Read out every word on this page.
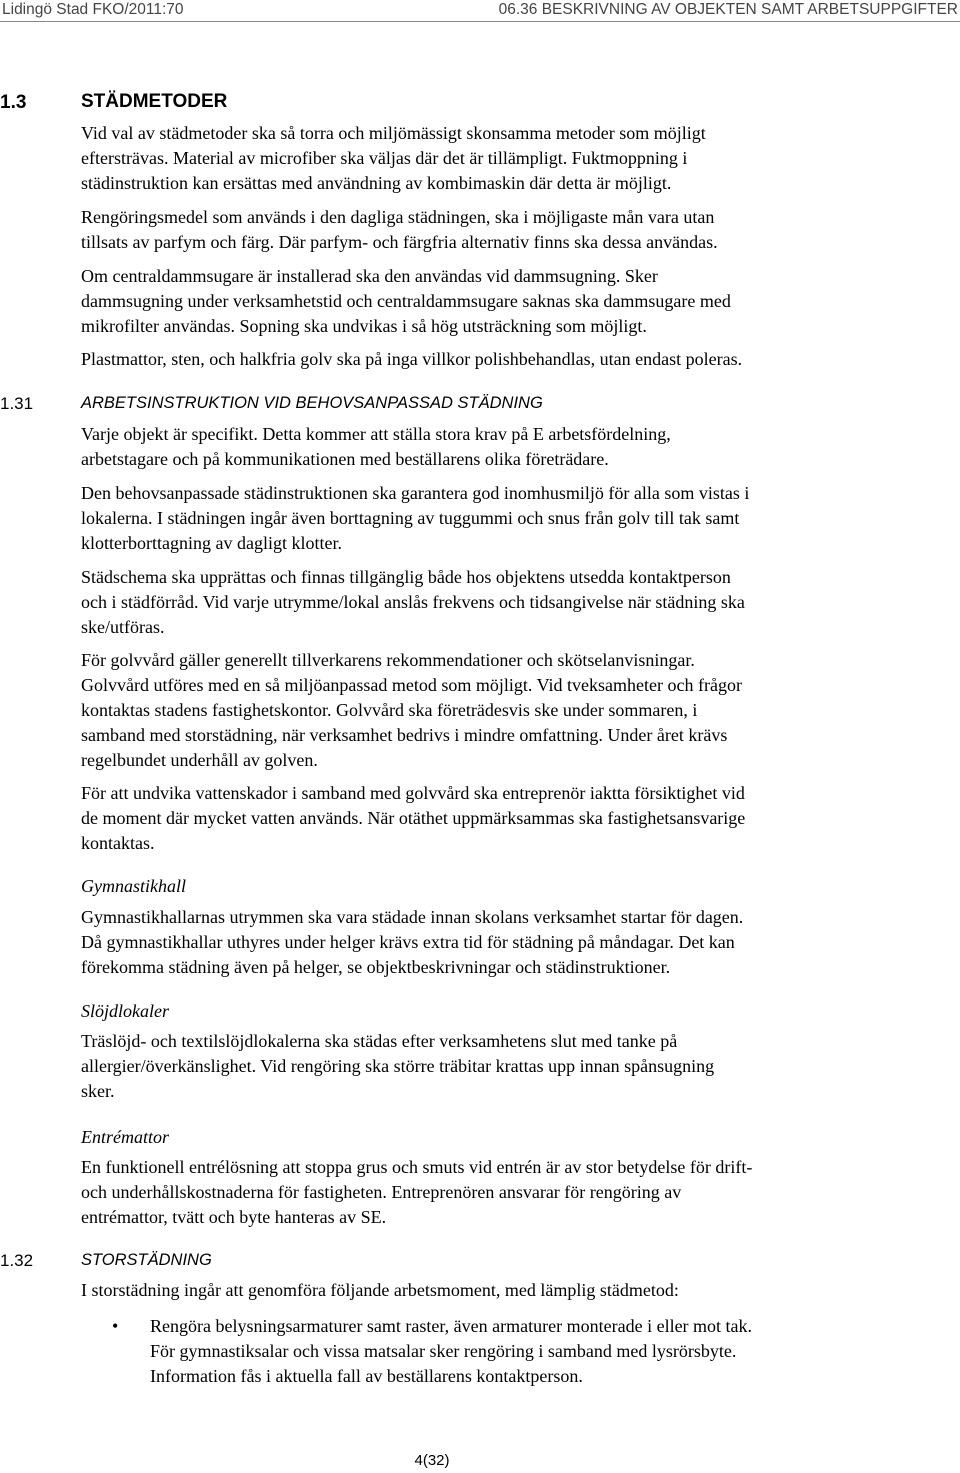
Lidingö Stad FKO/2011:70	06.36 BESKRIVNING AV OBJEKTEN SAMT ARBETSUPPGIFTER
1.3	STÄDMETODER
Vid val av städmetoder ska så torra och miljömässigt skonsamma metoder som möjligt
eftersträvas. Material av microfiber ska väljas där det är tillämpligt. Fuktmoppning i
städinstruktion kan ersättas med användning av kombimaskin där detta är möjligt.
Rengöringsmedel som används i den dagliga städningen, ska i möjligaste mån vara utan
tillsats av parfym och färg. Där parfym- och färgfria alternativ finns ska dessa användas.
Om centraldammsugare är installerad ska den användas vid dammsugning. Sker
dammsugning under verksamhetstid och centraldammsugare saknas ska dammsugare med
mikrofilter användas. Sopning ska undvikas i så hög utsträckning som möjligt.
Plastmattor, sten, och halkfria golv ska på inga villkor polishbehandlas, utan endast poleras.
1.31	ARBETSINSTRUKTION VID BEHOVSANPASSAD STÄDNING
Varje objekt är specifikt. Detta kommer att ställa stora krav på E arbetsfördelning,
arbetstagare och på kommunikationen med beställarens olika företrädare.
Den behovsanpassade städinstruktionen ska garantera god inomhusmiljö för alla som vistas i
lokalerna. I städningen ingår även borttagning av tuggummi och snus från golv till tak samt
klotterborttagning av dagligt klotter.
Städschema ska upprättas och finnas tillgänglig både hos objektens utsedda kontaktperson
och i städförråd. Vid varje utrymme/lokal anslås frekvens och tidsangivelse när städning ska
ske/utföras.
För golvvård gäller generellt tillverkarens rekommendationer och skötselanvisningar.
Golvvård utföres med en så miljöanpassad metod som möjligt. Vid tveksamheter och frågor
kontaktas stadens fastighetskontor. Golvvård ska företrädesvis ske under sommaren, i
samband med storstädning, när verksamhet bedrivs i mindre omfattning. Under året krävs
regelbundet underhåll av golven.
För att undvika vattenskador i samband med golvvård ska entreprenör iaktta försiktighet vid
de moment där mycket vatten används. När otäthet uppmärksammas ska fastighetsansvarige
kontaktas.
Gymnastikhall
Gymnastikhallarnas utrymmen ska vara städade innan skolans verksamhet startar för dagen.
Då gymnastikhallar uthyres under helger krävs extra tid för städning på måndagar. Det kan
förekomma städning även på helger, se objektbeskrivningar och städinstruktioner.
Slöjdlokaler
Träslöjd- och textilslöjdlokalerna ska städas efter verksamhetens slut med tanke på
allergier/överkänslighet. Vid rengöring ska större träbitar krattas upp innan spånsugning
sker.
Entrémattor
En funktionell entrélösning att stoppa grus och smuts vid entrén är av stor betydelse för drift-
och underhållskostnaderna för fastigheten. Entreprenören ansvarar för rengöring av
entrémattor, tvätt och byte hanteras av SE.
1.32	STORSTÄDNING
I storstädning ingår att genomföra följande arbetsmoment, med lämplig städmetod:
• Rengöra belysningsarmaturer samt raster, även armaturer monterade i eller mot tak.
För gymnastiksalar och vissa matsalar sker rengöring i samband med lysrörsbyte.
Information fås i aktuella fall av beställarens kontaktperson.
4(32)
